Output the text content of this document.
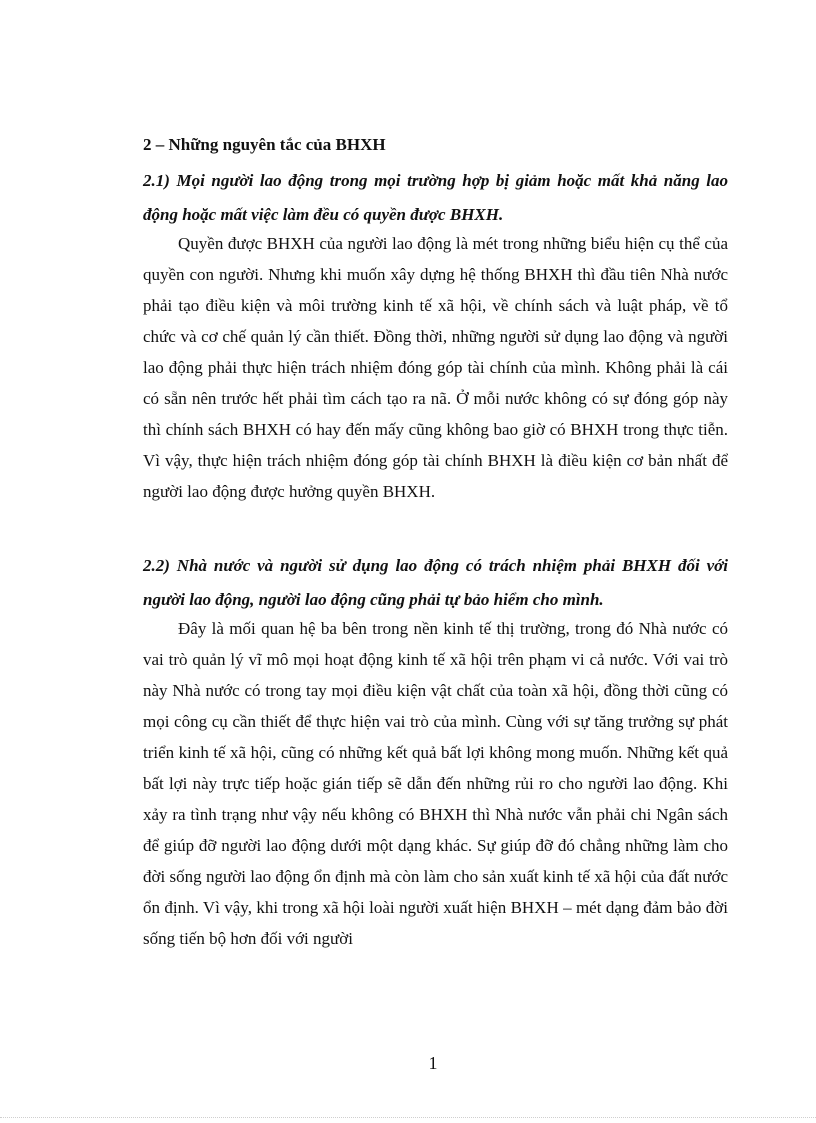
2 – Những nguyên tắc của BHXH
2.1) Mọi người lao động trong mọi trường hợp bị giảm hoặc mất khả năng lao động hoặc mất việc làm đều có quyền được BHXH.
Quyền được BHXH của người lao động là mét trong những biểu hiện cụ thể của quyền con người. Nhưng khi muốn xây dựng hệ thống BHXH thì đầu tiên Nhà nước phải tạo điều kiện và môi trường kinh tế xã hội, về chính sách và luật pháp, về tổ chức và cơ chế quản lý cần thiết. Đồng thời, những người sử dụng lao động và người lao động phải thực hiện trách nhiệm đóng góp tài chính của mình. Không phải là cái có sẵn nên trước hết phải tìm cách tạo ra nã. Ở mỗi nước không có sự đóng góp này thì chính sách BHXH có hay đến mấy cũng không bao giờ có BHXH trong thực tiễn. Vì vậy, thực hiện trách nhiệm đóng góp tài chính BHXH là điều kiện cơ bản nhất để người lao động được hưởng quyền BHXH.
2.2) Nhà nước và người sử dụng lao động có trách nhiệm phải BHXH đối với người lao động, người lao động cũng phải tự bảo hiểm cho mình.
Đây là mối quan hệ ba bên trong nền kinh tế thị trường, trong đó Nhà nước có vai trò quản lý vĩ mô mọi hoạt động kinh tế xã hội trên phạm vi cả nước. Với vai trò này Nhà nước có trong tay mọi điều kiện vật chất của toàn xã hội, đồng thời cũng có mọi công cụ cần thiết để thực hiện vai trò của mình. Cùng với sự tăng trưởng sự phát triển kinh tế xã hội, cũng có những kết quả bất lợi không mong muốn. Những kết quả bất lợi này trực tiếp hoặc gián tiếp sẽ dẫn đến những rủi ro cho người lao động. Khi xảy ra tình trạng như vậy nếu không có BHXH thì Nhà nước vẫn phải chi Ngân sách để giúp đỡ người lao động dưới một dạng khác. Sự giúp đỡ đó chẳng những làm cho đời sống người lao động ổn định mà còn làm cho sản xuất kinh tế xã hội của đất nước ổn định. Vì vậy, khi trong xã hội loài người xuất hiện BHXH – mét dạng đảm bảo đời sống tiến bộ hơn đối với người
1
